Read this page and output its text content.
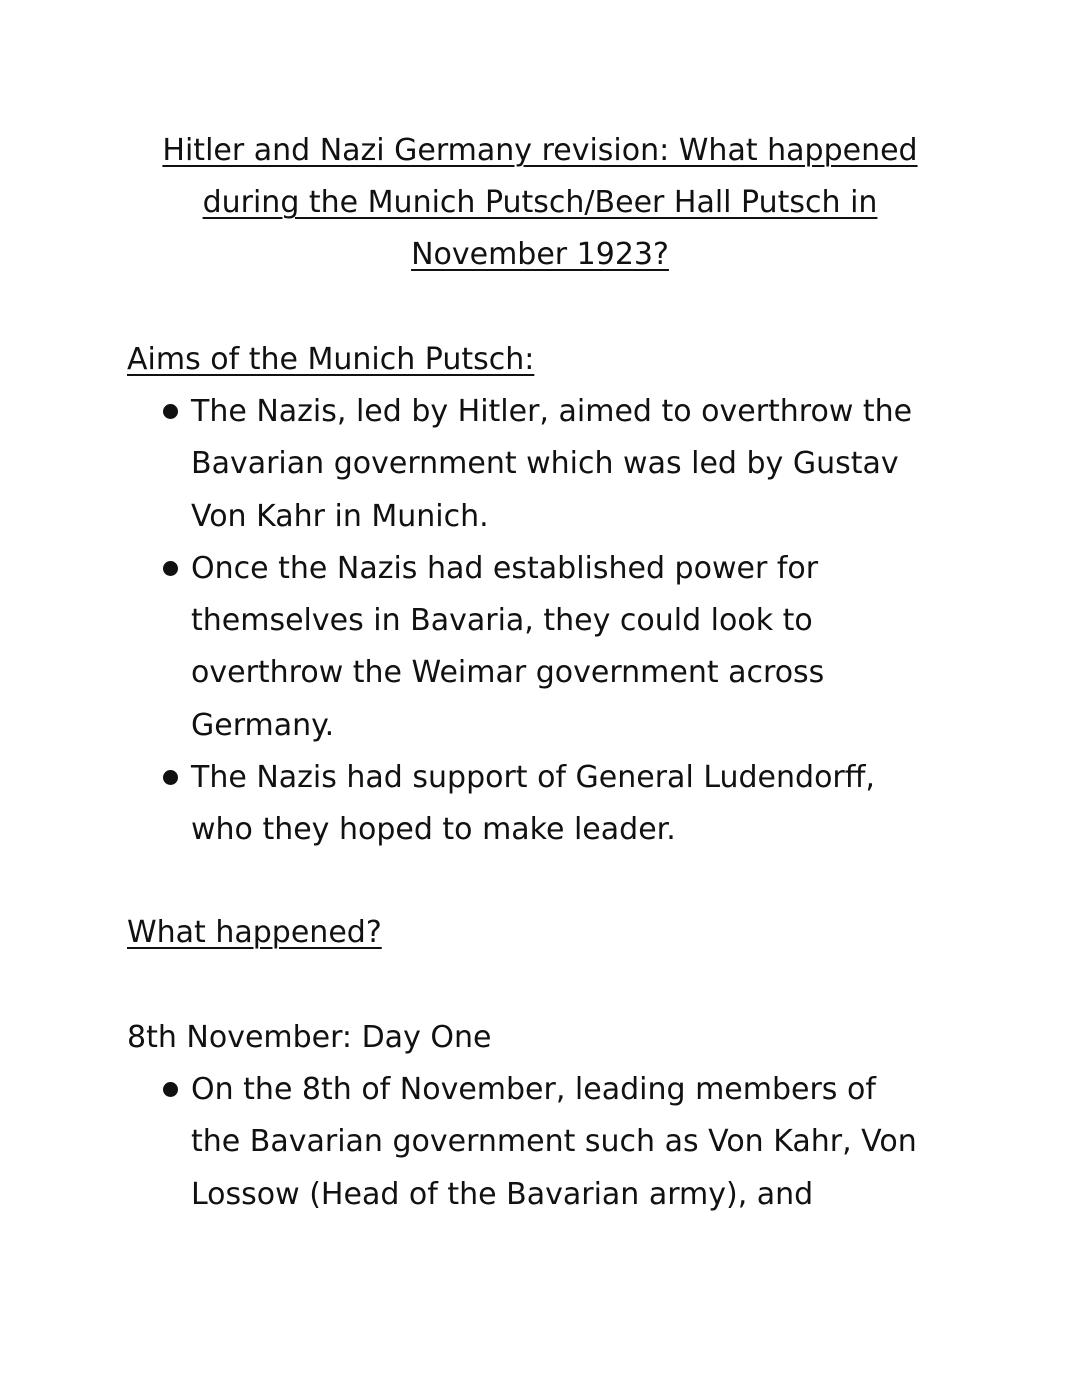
Hitler and Nazi Germany revision: What happened
during the Munich Putsch/Beer Hall Putsch in
November 1923?
Aims of the Munich Putsch:
The Nazis, led by Hitler, aimed to overthrow the
Bavarian government which was led by Gustav
Von Kahr in Munich.
Once the Nazis had established power for
themselves in Bavaria, they could look to
overthrow the Weimar government across
Germany.
The Nazis had support of General Ludendorff,
who they hoped to make leader.
What happened?
8th November: Day One
On the 8th of November, leading members of
the Bavarian government such as Von Kahr, Von
Lossow (Head of the Bavarian army), and
